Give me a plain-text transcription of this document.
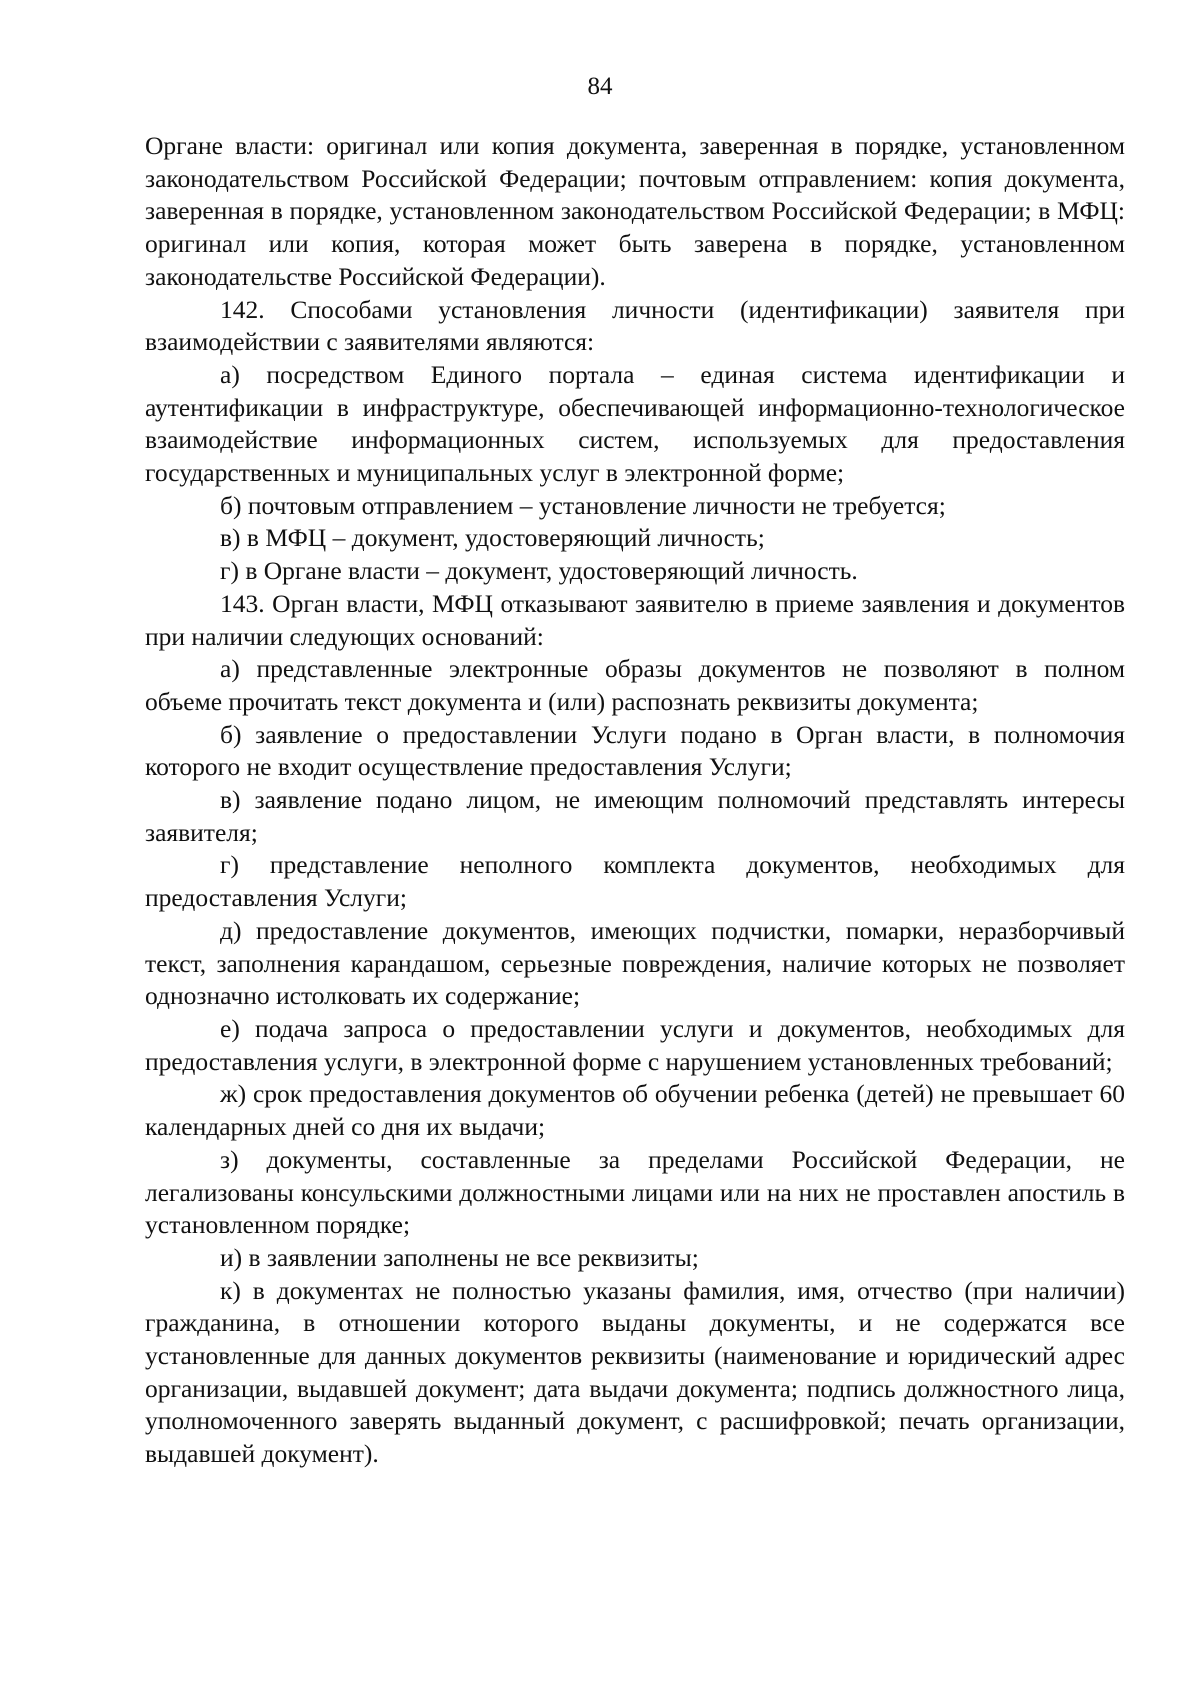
84

Органе власти: оригинал или копия документа, заверенная в порядке, установленном законодательством Российской Федерации; почтовым отправлением: копия документа, заверенная в порядке, установленном законодательством Российской Федерации; в МФЦ: оригинал или копия, которая может быть заверена в порядке, установленном законодательстве Российской Федерации).

142. Способами установления личности (идентификации) заявителя при взаимодействии с заявителями являются:

а) посредством Единого портала – единая система идентификации и аутентификации в инфраструктуре, обеспечивающей информационно-технологическое взаимодействие информационных систем, используемых для предоставления государственных и муниципальных услуг в электронной форме;

б) почтовым отправлением – установление личности не требуется;

в) в МФЦ – документ, удостоверяющий личность;

г) в Органе власти – документ, удостоверяющий личность.

143. Орган власти, МФЦ отказывают заявителю в приеме заявления и документов при наличии следующих оснований:

а) представленные электронные образы документов не позволяют в полном объеме прочитать текст документа и (или) распознать реквизиты документа;

б) заявление о предоставлении Услуги подано в Орган власти, в полномочия которого не входит осуществление предоставления Услуги;

в) заявление подано лицом, не имеющим полномочий представлять интересы заявителя;

г) представление неполного комплекта документов, необходимых для предоставления Услуги;

д) предоставление документов, имеющих подчистки, помарки, неразборчивый текст, заполнения карандашом, серьезные повреждения, наличие которых не позволяет однозначно истолковать их содержание;

е) подача запроса о предоставлении услуги и документов, необходимых для предоставления услуги, в электронной форме с нарушением установленных требований;

ж) срок предоставления документов об обучении ребенка (детей) не превышает 60 календарных дней со дня их выдачи;

з) документы, составленные за пределами Российской Федерации, не легализованы консульскими должностными лицами или на них не проставлен апостиль в установленном порядке;

и) в заявлении заполнены не все реквизиты;

к) в документах не полностью указаны фамилия, имя, отчество (при наличии) гражданина, в отношении которого выданы документы, и не содержатся все установленные для данных документов реквизиты (наименование и юридический адрес организации, выдавшей документ; дата выдачи документа; подпись должностного лица, уполномоченного заверять выданный документ, с расшифровкой; печать организации, выдавшей документ).
